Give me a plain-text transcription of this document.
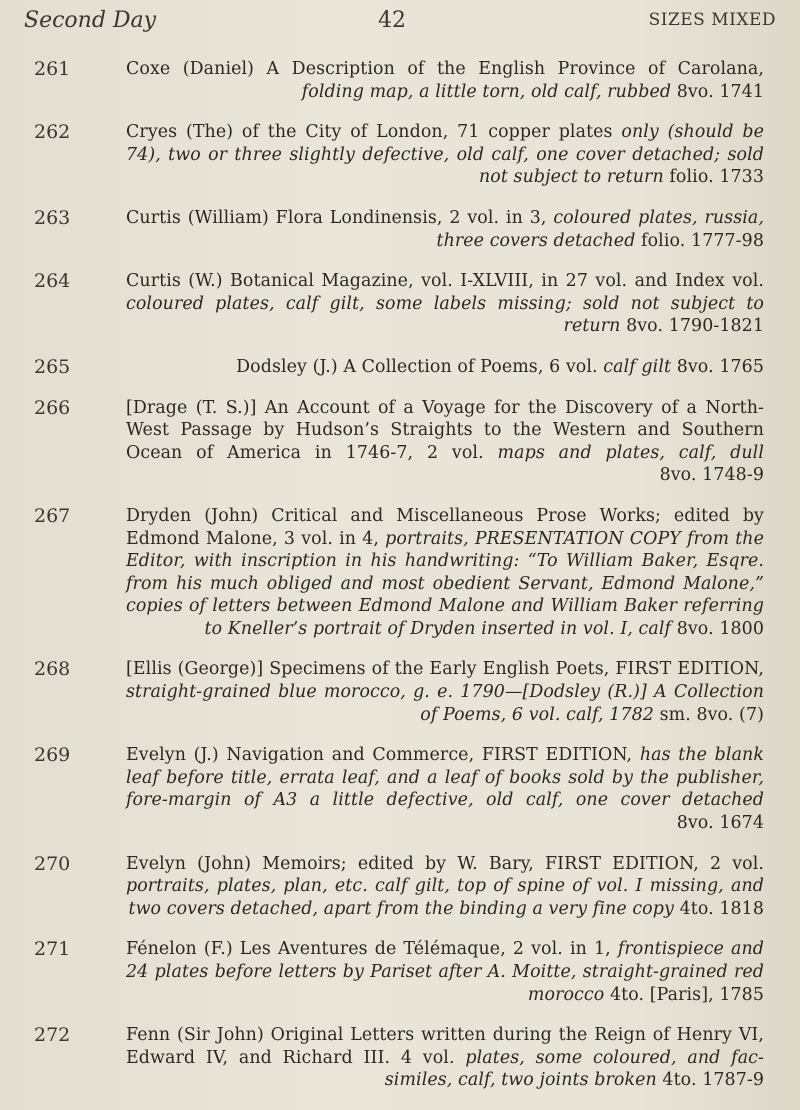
Second Day	42	SIZES MIXED
261	Coxe (Daniel) A Description of the English Province of Carolana, folding map, a little torn, old calf, rubbed 8vo. 1741
262	Cryes (The) of the City of London, 71 copper plates only (should be 74), two or three slightly defective, old calf, one cover detached; sold not subject to return folio. 1733
263	Curtis (William) Flora Londinensis, 2 vol. in 3, coloured plates, russia, three covers detached folio. 1777-98
264	Curtis (W.) Botanical Magazine, vol. I-XLVIII, in 27 vol. and Index vol. coloured plates, calf gilt, some labels missing; sold not subject to return 8vo. 1790-1821
265	Dodsley (J.) A Collection of Poems, 6 vol. calf gilt 8vo. 1765
266	[Drage (T. S.)] An Account of a Voyage for the Discovery of a North-West Passage by Hudson’s Straights to the Western and Southern Ocean of America in 1746-7, 2 vol. maps and plates, calf, dull 8vo. 1748-9
267	Dryden (John) Critical and Miscellaneous Prose Works; edited by Edmond Malone, 3 vol. in 4, portraits, PRESENTATION COPY from the Editor, with inscription in his handwriting: “To William Baker, Esqre. from his much obliged and most obedient Servant, Edmond Malone,” copies of letters between Edmond Malone and William Baker referring to Kneller’s portrait of Dryden inserted in vol. I, calf 8vo. 1800
268	[Ellis (George)] Specimens of the Early English Poets, FIRST EDITION, straight-grained blue morocco, g. e. 1790—[Dodsley (R.)] A Collection of Poems, 6 vol. calf, 1782 sm. 8vo. (7)
269	Evelyn (J.) Navigation and Commerce, FIRST EDITION, has the blank leaf before title, errata leaf, and a leaf of books sold by the publisher, fore-margin of A3 a little defective, old calf, one cover detached 8vo. 1674
270	Evelyn (John) Memoirs; edited by W. Bary, FIRST EDITION, 2 vol. portraits, plates, plan, etc. calf gilt, top of spine of vol. I missing, and two covers detached, apart from the binding a very fine copy 4to. 1818
271	Fénelon (F.) Les Aventures de Télémaque, 2 vol. in 1, frontispiece and 24 plates before letters by Pariset after A. Moitte, straight-grained red morocco 4to. [Paris], 1785
272	Fenn (Sir John) Original Letters written during the Reign of Henry VI, Edward IV, and Richard III. 4 vol. plates, some coloured, and fac-similes, calf, two joints broken 4to. 1787-9
